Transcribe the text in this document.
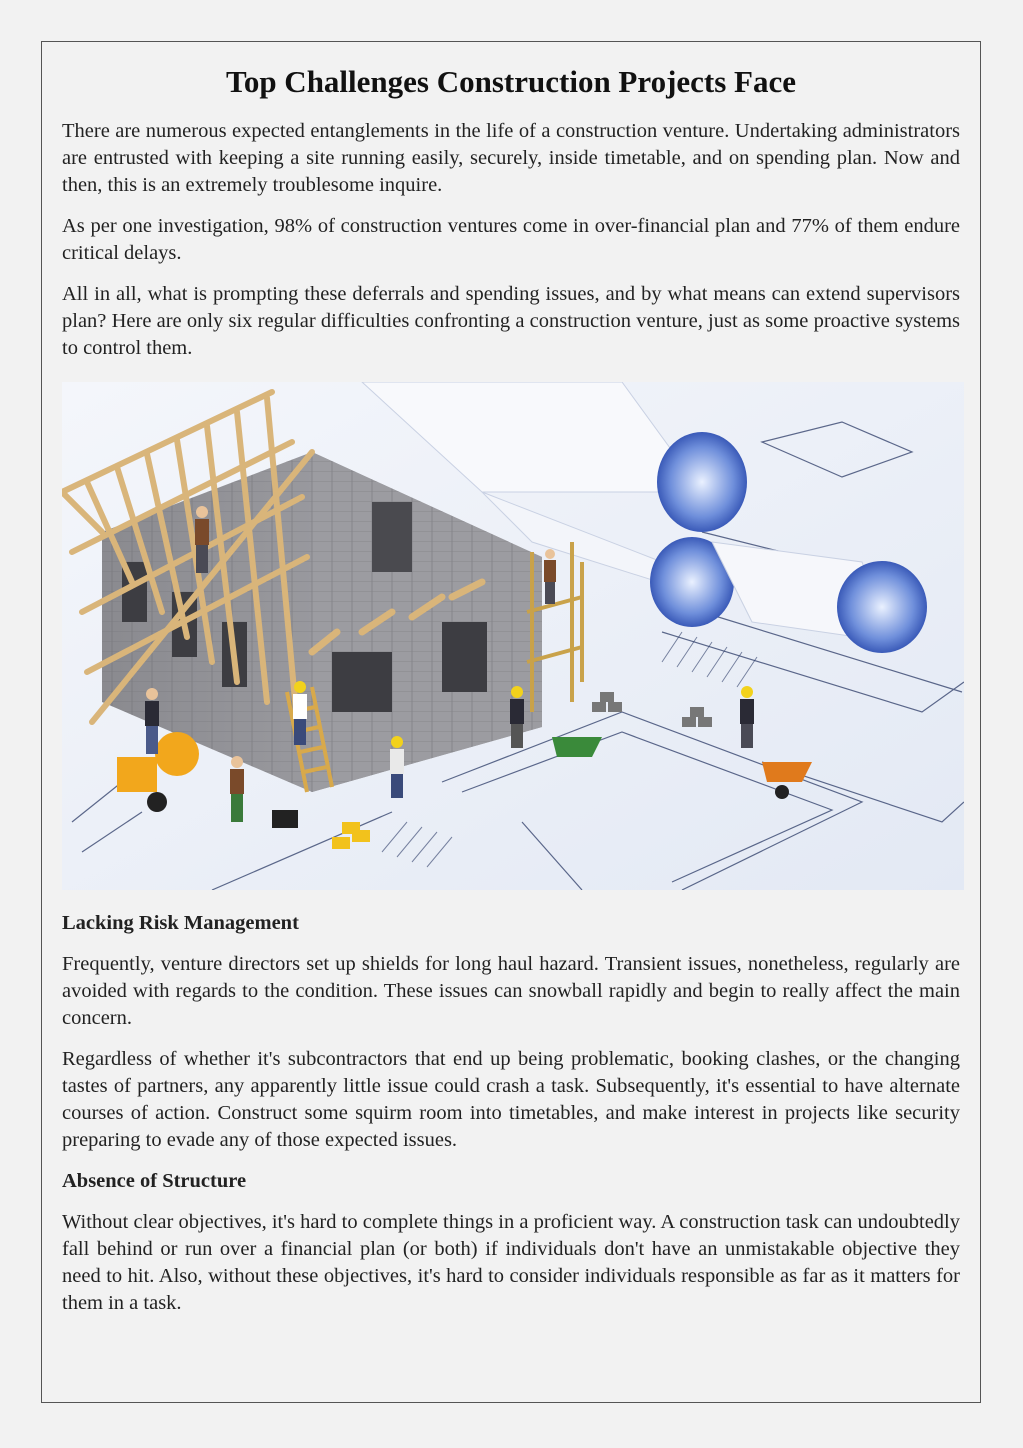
Top Challenges Construction Projects Face

There are numerous expected entanglements in the life of a construction venture. Undertaking administrators are entrusted with keeping a site running easily, securely, inside timetable, and on spending plan. Now and then, this is an extremely troublesome inquire.

As per one investigation, 98% of construction ventures come in over-financial plan and 77% of them endure critical delays.

All in all, what is prompting these deferrals and spending issues, and by what means can extend supervisors plan? Here are only six regular difficulties confronting a construction venture, just as some proactive systems to control them.

Lacking Risk Management

Frequently, venture directors set up shields for long haul hazard. Transient issues, nonetheless, regularly are avoided with regards to the condition. These issues can snowball rapidly and begin to really affect the main concern.

Regardless of whether it's subcontractors that end up being problematic, booking clashes, or the changing tastes of partners, any apparently little issue could crash a task. Subsequently, it's essential to have alternate courses of action. Construct some squirm room into timetables, and make interest in projects like security preparing to evade any of those expected issues.

Absence of Structure

Without clear objectives, it's hard to complete things in a proficient way. A construction task can undoubtedly fall behind or run over a financial plan (or both) if individuals don't have an unmistakable objective they need to hit. Also, without these objectives, it's hard to consider individuals responsible as far as it matters for them in a task.
